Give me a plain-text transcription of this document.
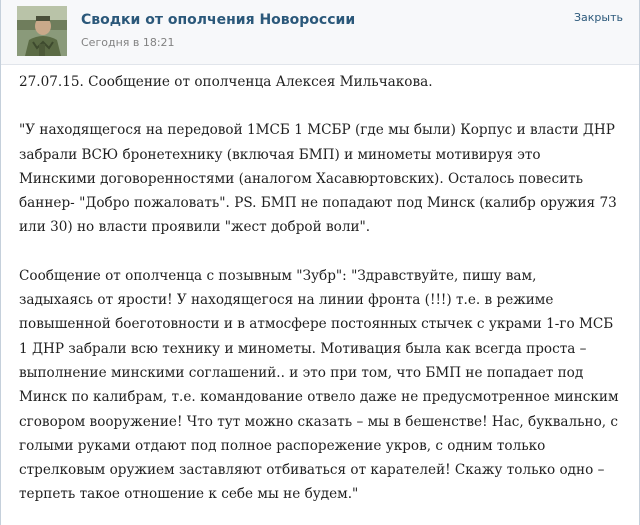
Сводки от ополчения Новороссии
Сегодня в 18:21
Закрыть

27.07.15. Сообщение от ополченца Алексея Мильчакова.

"У находящегося на передовой 1МСБ 1 МСБР (где мы были) Корпус и власти ДНР
забрали ВСЮ бронетехнику (включая БМП) и минометы мотивируя это
Минскими договоренностями (аналогом Хасавюртовских). Осталось повесить
баннер- "Добро пожаловать". PS. БМП не попадают под Минск (калибр оружия 73
или 30) но власти проявили "жест доброй воли".

Сообщение от ополченца с позывным "Зубр": "Здравствуйте, пишу вам,
задыхаясь от ярости! У находящегося на линии фронта (!!!) т.е. в режиме
повышенной боеготовности и в атмосфере постоянных стычек с украми 1-го МСБ
1 ДНР забрали всю технику и минометы. Мотивация была как всегда проста –
выполнение минскими соглашений.. и это при том, что БМП не попадает под
Минск по калибрам, т.е. командование отвело даже не предусмотренное минским
сговором вооружение! Что тут можно сказать – мы в бешенстве! Нас, буквально, с
голыми руками отдают под полное распорежение укров, с одним только
стрелковым оружием заставляют отбиваться от карателей! Скажу только одно –
терпеть такое отношение к себе мы не будем."
